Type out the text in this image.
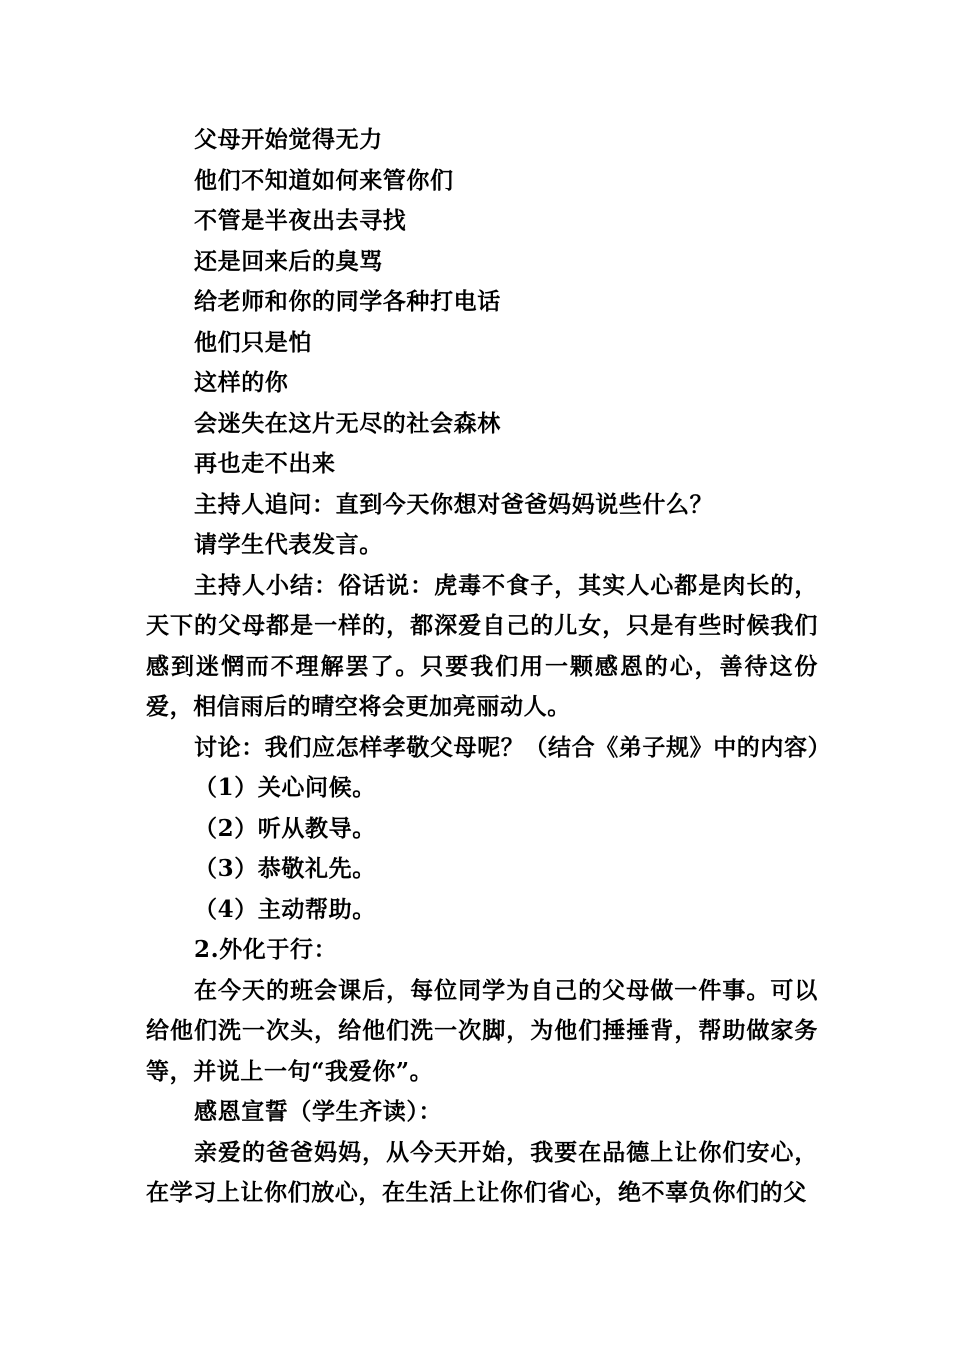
父母开始觉得无力

他们不知道如何来管你们

不管是半夜出去寻找

还是回来后的臭骂

给老师和你的同学各种打电话

他们只是怕

这样的你

会迷失在这片无尽的社会森林

再也走不出来

主持人追问：直到今天你想对爸爸妈妈说些什么？

请学生代表发言。

主持人小结：俗话说：虎毒不食子，其实人心都是肉长的，天下的父母都是一样的，都深爱自己的儿女，只是有些时候我们感到迷惘而不理解罢了。只要我们用一颗感恩的心，善待这份爱，相信雨后的晴空将会更加亮丽动人。

讨论：我们应怎样孝敬父母呢？（结合《弟子规》中的内容）

（1）关心问候。

（2）听从教导。

（3）恭敬礼先。

（4）主动帮助。

2.外化于行：

在今天的班会课后，每位同学为自己的父母做一件事。可以给他们洗一次头，给他们洗一次脚，为他们捶捶背，帮助做家务等，并说上一句“我爱你”。

感恩宣誓（学生齐读）：

亲爱的爸爸妈妈，从今天开始，我要在品德上让你们安心，在学习上让你们放心，在生活上让你们省心，绝不辜负你们的父
